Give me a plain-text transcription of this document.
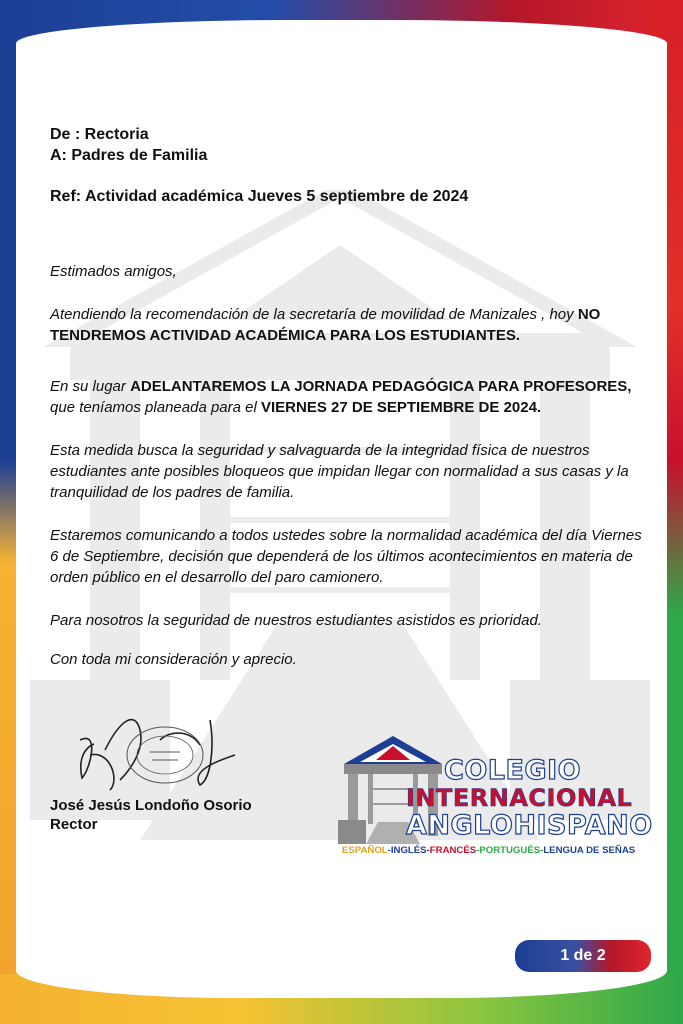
De : Rectoria

A: Padres de Familia

Ref: Actividad académica Jueves 5 septiembre de 2024

Estimados amigos,

Atendiendo la recomendación de la secretaría de movilidad de Manizales , hoy NO TENDREMOS ACTIVIDAD ACADÉMICA PARA LOS ESTUDIANTES.

En su lugar ADELANTAREMOS LA JORNADA PEDAGÓGICA PARA PROFESORES, que teníamos planeada para el VIERNES 27 DE SEPTIEMBRE DE 2024.

Esta medida busca la seguridad y salvaguarda de la integridad física de nuestros estudiantes ante posibles bloqueos que impidan llegar con normalidad a sus casas y la tranquilidad de los padres de familia.

Estaremos comunicando a todos ustedes sobre la normalidad académica del día Viernes 6 de Septiembre, decisión que dependerá de los últimos acontecimientos en materia de orden público en el desarrollo del paro camionero.

Para nosotros la seguridad de nuestros estudiantes asistidos es prioridad.

Con toda mi consideración y aprecio.

José Jesús Londoño Osorio
Rector
COLEGIO
INTERNACIONAL
ANGLOHISPANO
ESPAÑOL-INGLÉS-FRANCÉS-PORTUGUÉS-LENGUA DE SEÑAS
1 de 2
